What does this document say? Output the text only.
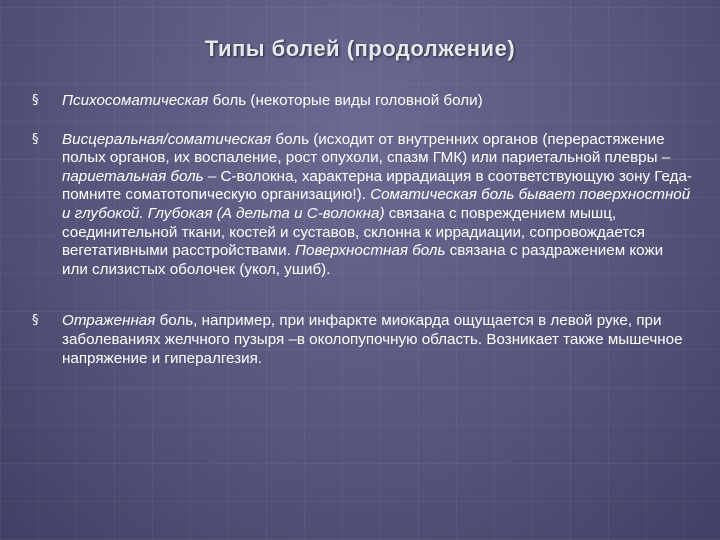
Типы болей (продолжение)
§	Психосоматическая боль (некоторые виды головной боли)
§	Висцеральная/соматическая боль (исходит от внутренних органов (перерастяжение полых органов, их воспаление, рост опухоли, спазм ГМК) или париетальной плевры – париетальная боль – С-волокна, характерна иррадиация в соответствующую зону Геда- помните соматотопическую организацию!). Соматическая боль бывает поверхностной и глубокой. Глубокая (А дельта и С-волокна) связана с повреждением мышц, соединительной ткани, костей и суставов, склонна к иррадиации, сопровождается вегетативными расстройствами. Поверхностная боль связана с раздражением кожи или слизистых оболочек (укол, ушиб).
§	Отраженная боль, например, при инфаркте миокарда ощущается в левой руке, при заболеваниях желчного пузыря –в околопупочную область. Возникает также мышечное напряжение и гипералгезия.
